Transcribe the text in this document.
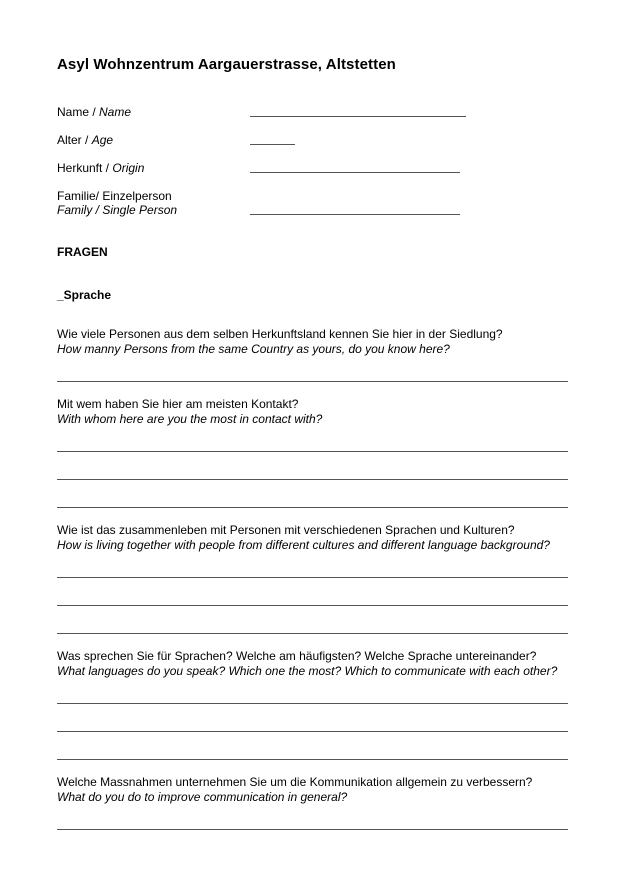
Asyl Wohnzentrum Aargauerstrasse, Altstetten
Name / Name
Alter / Age
Herkunft / Origin
Familie/ Einzelperson
Family / Single Person
FRAGEN
_Sprache
Wie viele Personen aus dem selben Herkunftsland kennen Sie hier in der Siedlung?
How manny Persons from the same Country as yours, do you know here?
Mit wem haben Sie hier am meisten Kontakt?
With whom here are you the most in contact with?
Wie ist das zusammenleben mit Personen mit verschiedenen Sprachen und Kulturen?
How is living together with people from different cultures and different language background?
Was sprechen Sie für Sprachen? Welche am häufigsten? Welche Sprache untereinander?
What languages do you speak? Which one the most? Which to communicate with each other?
Welche Massnahmen unternehmen Sie um die Kommunikation allgemein zu verbessern?
What do you do to improve communication in general?
